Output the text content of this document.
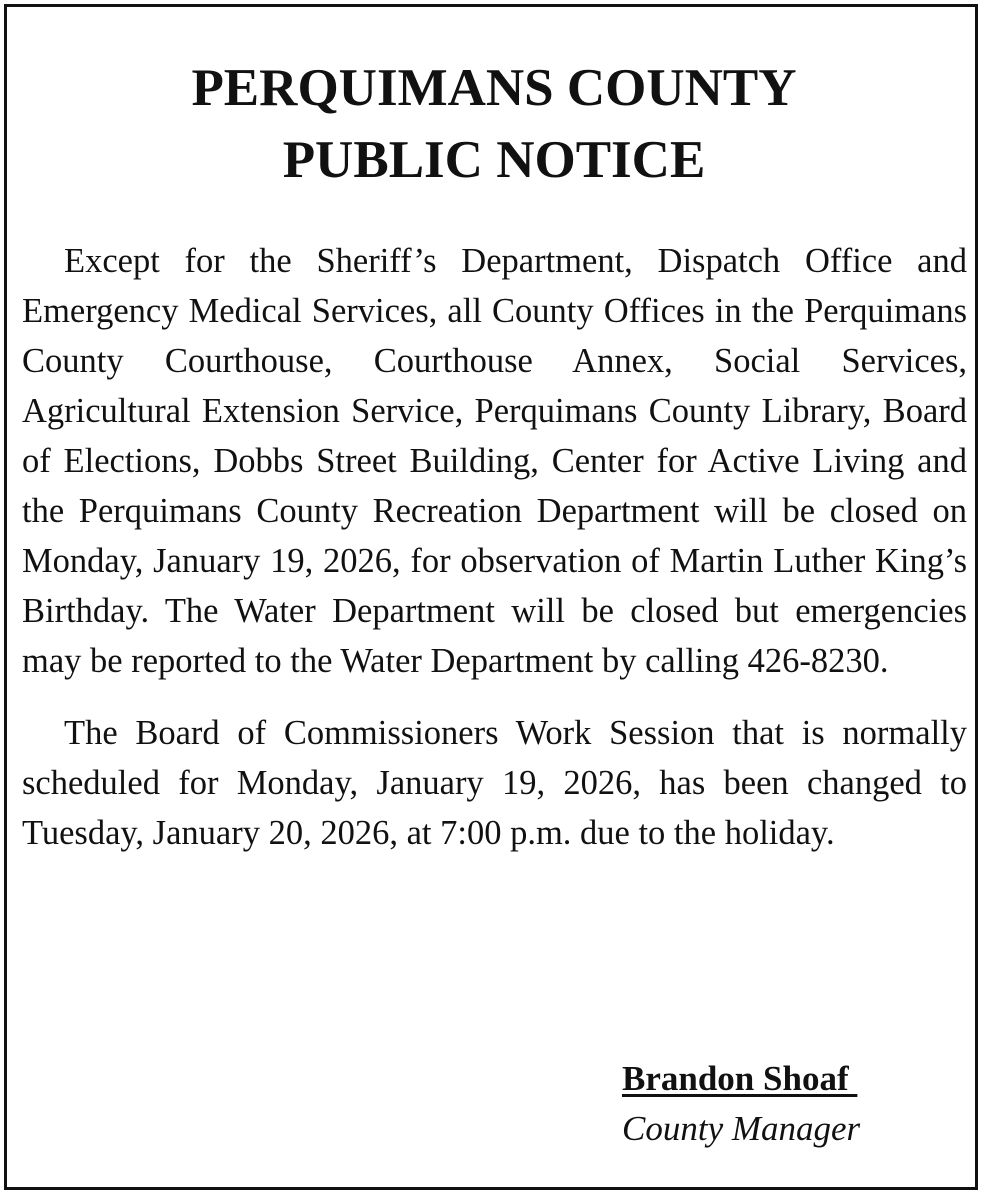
PERQUIMANS COUNTY
PUBLIC NOTICE

Except for the Sheriff’s Department, Dispatch Office and Emergency Medical Services, all County Offices in the Perquimans County Courthouse, Courthouse Annex, Social Services, Agricultural Extension Service, Perquimans County Library, Board of Elections, Dobbs Street Building, Center for Active Living and the Perquimans County Recreation Department will be closed on Monday, January 19, 2026, for observation of Martin Luther King’s Birthday. The Water Department will be closed but emergencies may be reported to the Water Department by calling 426-8230.

The Board of Commissioners Work Session that is normally scheduled for Monday, January 19, 2026, has been changed to Tuesday, January 20, 2026, at 7:00 p.m. due to the holiday.

Brandon Shoaf
County Manager
